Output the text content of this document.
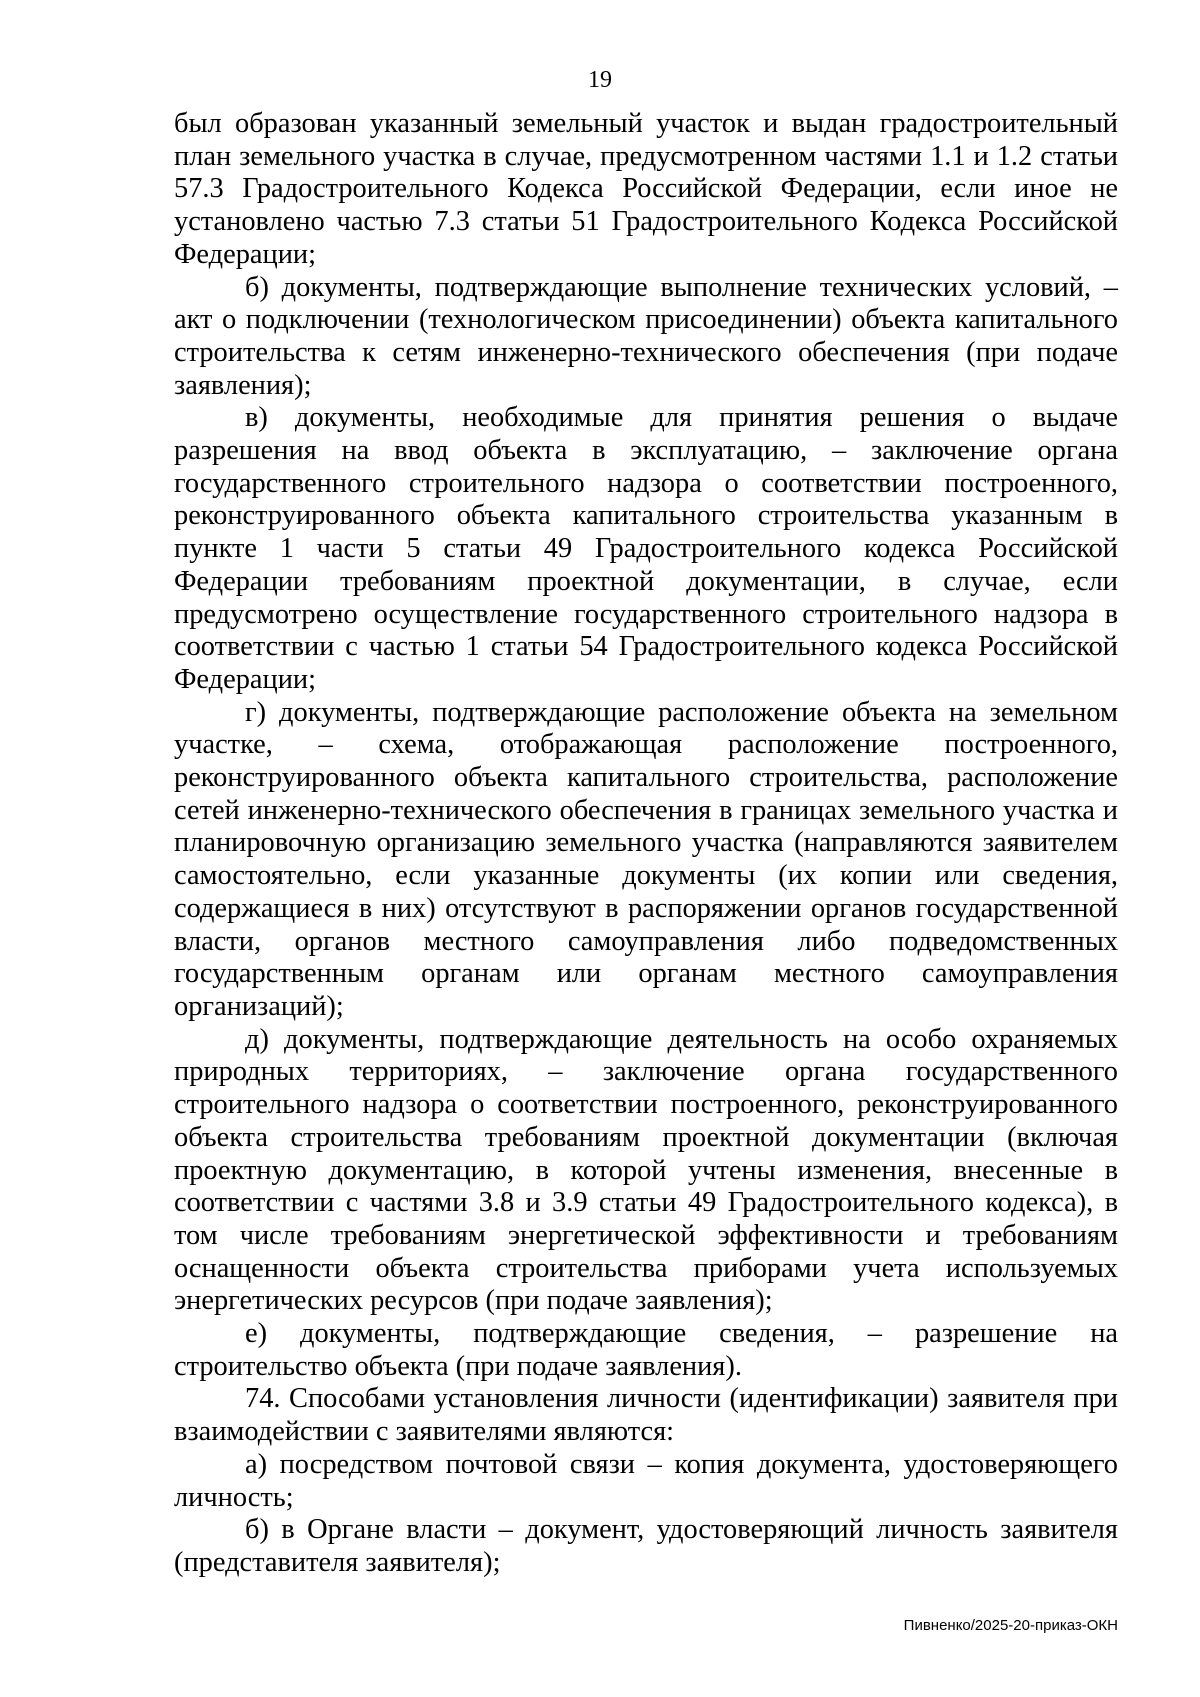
19

был образован указанный земельный участок и выдан градостроительный план земельного участка в случае, предусмотренном частями 1.1 и 1.2 статьи 57.3 Градостроительного Кодекса Российской Федерации, если иное не установлено частью 7.3 статьи 51 Градостроительного Кодекса Российской Федерации;

б) документы, подтверждающие выполнение технических условий, – акт о подключении (технологическом присоединении) объекта капитального строительства к сетям инженерно-технического обеспечения (при подаче заявления);

в) документы, необходимые для принятия решения о выдаче разрешения на ввод объекта в эксплуатацию, – заключение органа государственного строительного надзора о соответствии построенного, реконструированного объекта капитального строительства указанным в пункте 1 части 5 статьи 49 Градостроительного кодекса Российской Федерации требованиям проектной документации, в случае, если предусмотрено осуществление государственного строительного надзора в соответствии с частью 1 статьи 54 Градостроительного кодекса Российской Федерации;

г) документы, подтверждающие расположение объекта на земельном участке, – схема, отображающая расположение построенного, реконструированного объекта капитального строительства, расположение сетей инженерно-технического обеспечения в границах земельного участка и планировочную организацию земельного участка (направляются заявителем самостоятельно, если указанные документы (их копии или сведения, содержащиеся в них) отсутствуют в распоряжении органов государственной власти, органов местного самоуправления либо подведомственных государственным органам или органам местного самоуправления организаций);

д) документы, подтверждающие деятельность на особо охраняемых природных территориях, – заключение органа государственного строительного надзора о соответствии построенного, реконструированного объекта строительства требованиям проектной документации (включая проектную документацию, в которой учтены изменения, внесенные в соответствии с частями 3.8 и 3.9 статьи 49 Градостроительного кодекса), в том числе требованиям энергетической эффективности и требованиям оснащенности объекта строительства приборами учета используемых энергетических ресурсов (при подаче заявления);

е) документы, подтверждающие сведения, – разрешение на строительство объекта (при подаче заявления).

74. Способами установления личности (идентификации) заявителя при взаимодействии с заявителями являются:

а) посредством почтовой связи – копия документа, удостоверяющего личность;

б) в Органе власти – документ, удостоверяющий личность заявителя (представителя заявителя);

Пивненко/2025-20-приказ-ОКН
